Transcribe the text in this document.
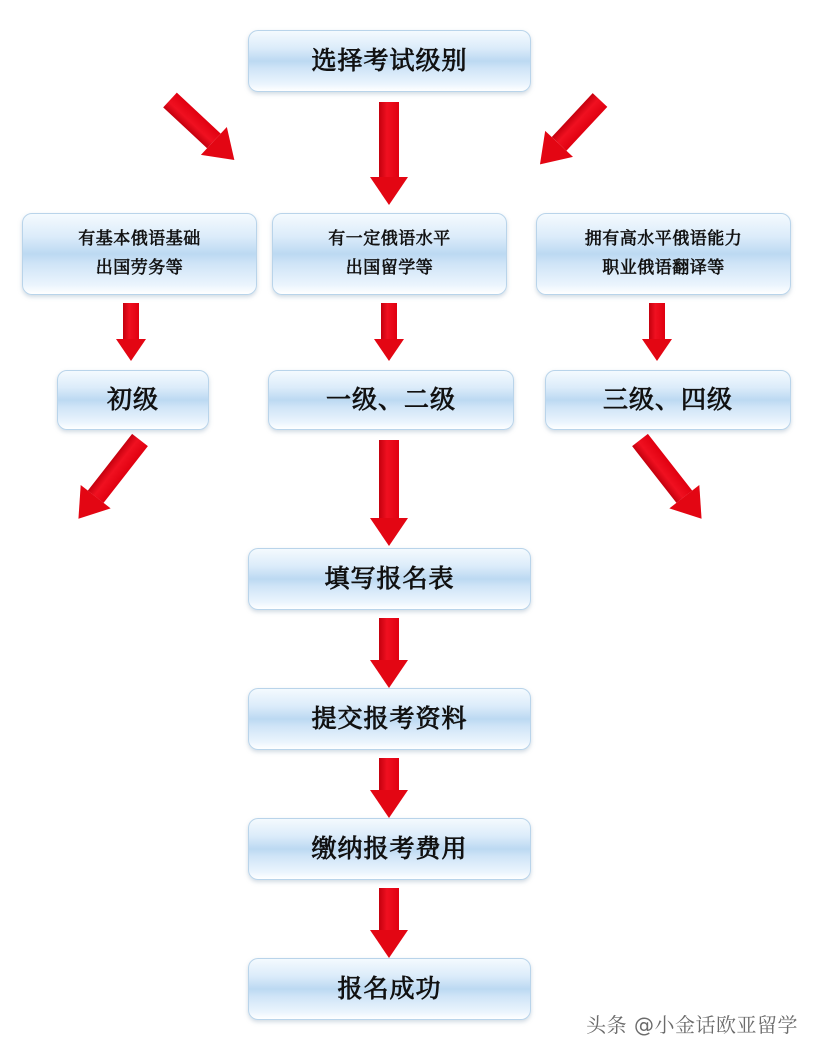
选择考试级别
有基本俄语基础
出国劳务等
有一定俄语水平
出国留学等
拥有高水平俄语能力
职业俄语翻译等
初级	一级、二级	三级、四级
填写报名表
提交报考资料
缴纳报考费用
报名成功
头条 @小金话欧亚留学
